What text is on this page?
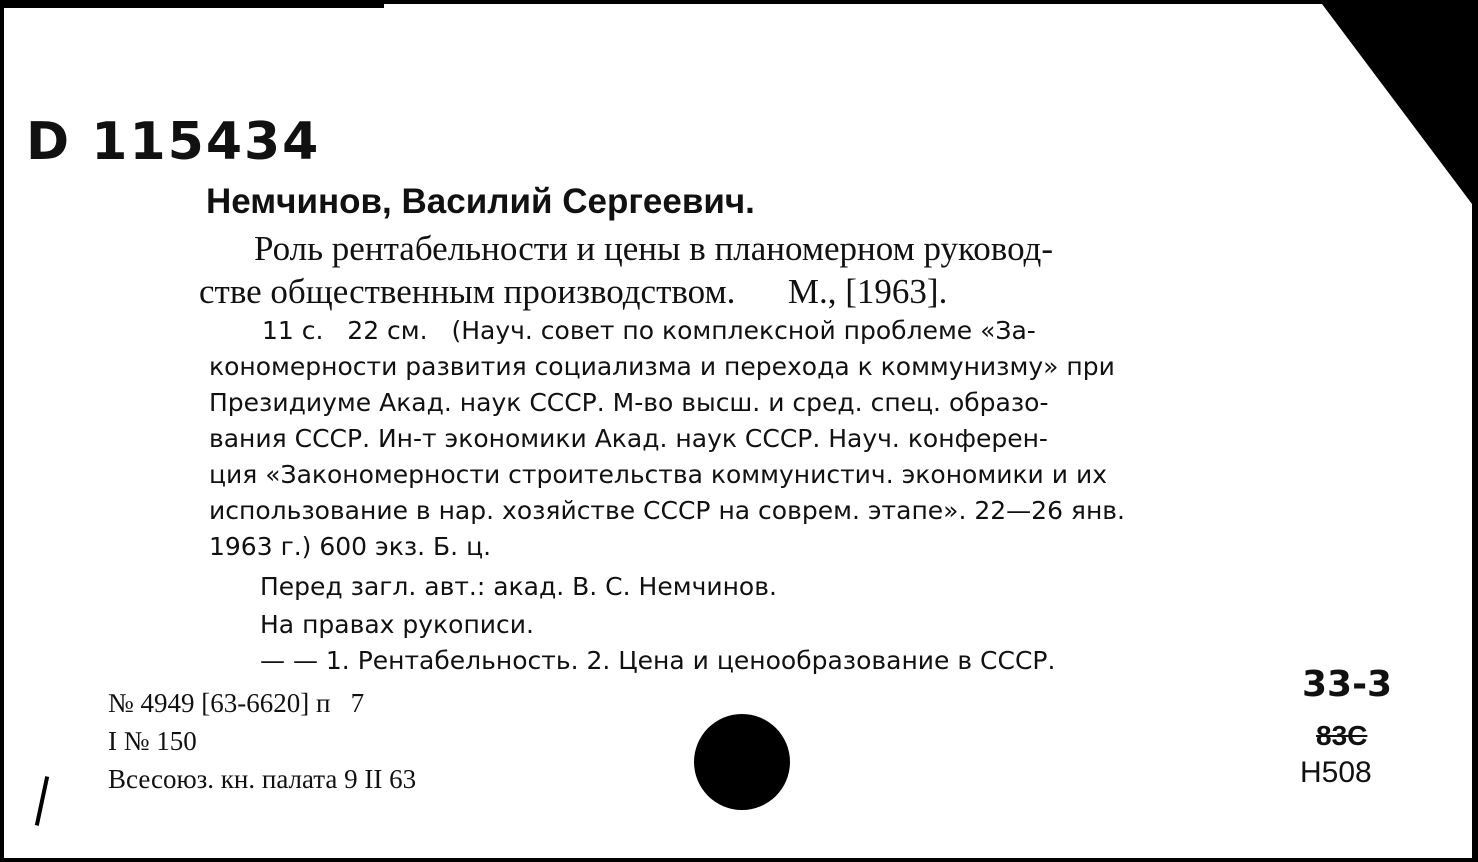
D 115434
Немчинов, Василий Сергеевич.
Роль рентабельности и цены в планомерном руковод-
стве общественным производством.      М., [1963].
11 с.   22 см.   (Науч. совет по комплексной проблеме «За-
кономерности развития социализма и перехода к коммунизму» при
Президиуме Акад. наук СССР. М-во высш. и сред. спец. образо-
вания СССР. Ин-т экономики Акад. наук СССР. Науч. конферен-
ция «Закономерности строительства коммунистич. экономики и их
использование в нар. хозяйстве СССР на соврем. этапе». 22—26 янв.
1963 г.) 600 экз. Б. ц.
Перед загл. авт.: акад. В. С. Немчинов.
На правах рукописи.
— — 1. Рентабельность. 2. Цена и ценообразование в СССР.
№ 4949 [63-6620] п   7
I № 150
Всесоюз. кн. палата 9 II 63
33-3
83С
Н508
